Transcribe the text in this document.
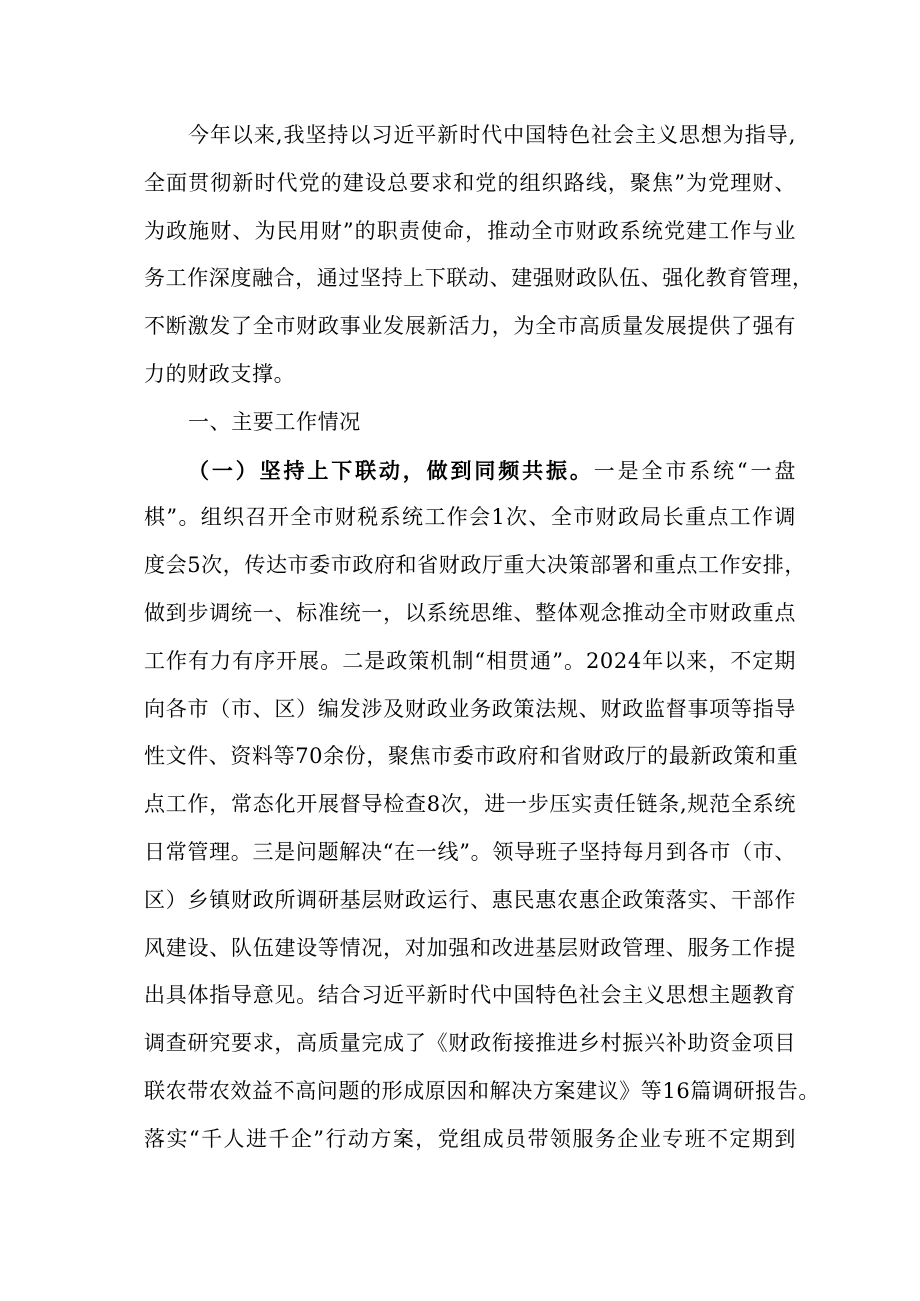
今年以来,我坚持以习近平新时代中国特色社会主义思想为指导,
全面贯彻新时代党的建设总要求和党的组织路线，聚焦”为党理财、
为政施财、为民用财”的职责使命，推动全市财政系统党建工作与业
务工作深度融合，通过坚持上下联动、建强财政队伍、强化教育管理，
不断激发了全市财政事业发展新活力，为全市高质量发展提供了强有
力的财政支撑。
一、主要工作情况
（一）坚持上下联动，做到同频共振。一是全市系统“一盘
棋”。组织召开全市财税系统工作会1次、全市财政局长重点工作调
度会5次，传达市委市政府和省财政厅重大决策部署和重点工作安排，
做到步调统一、标准统一，以系统思维、整体观念推动全市财政重点
工作有力有序开展。二是政策机制“相贯通”。2024年以来，不定期
向各市（市、区）编发涉及财政业务政策法规、财政监督事项等指导
性文件、资料等70余份，聚焦市委市政府和省财政厅的最新政策和重
点工作，常态化开展督导检查8次，进一步压实责任链条,规范全系统
日常管理。三是问题解决“在一线”。领导班子坚持每月到各市（市、
区）乡镇财政所调研基层财政运行、惠民惠农惠企政策落实、干部作
风建设、队伍建设等情况，对加强和改进基层财政管理、服务工作提
出具体指导意见。结合习近平新时代中国特色社会主义思想主题教育
调查研究要求，高质量完成了《财政衔接推进乡村振兴补助资金项目
联农带农效益不高问题的形成原因和解决方案建议》等16篇调研报告。
落实“千人进千企”行动方案，党组成员带领服务企业专班不定期到
